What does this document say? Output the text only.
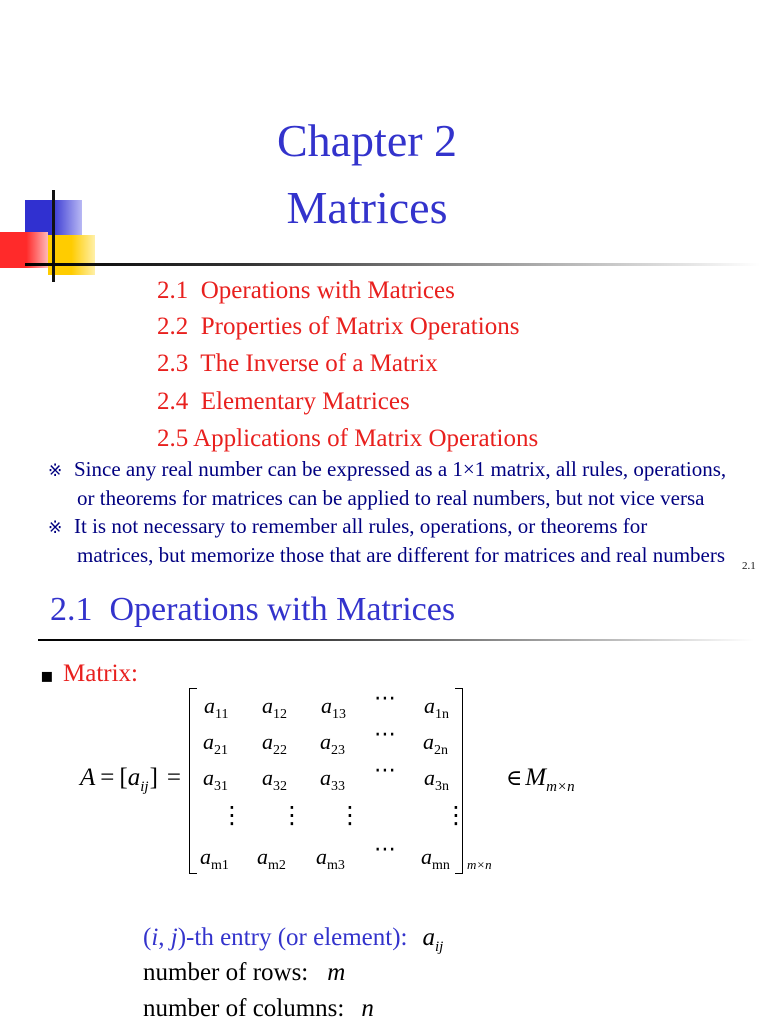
Chapter 2
Matrices
2.1  Operations with Matrices
2.2  Properties of Matrix Operations
2.3  The Inverse of a Matrix
2.4  Elementary Matrices
2.5 Applications of Matrix Operations
※ Since any real number can be expressed as a 1×1 matrix, all rules, operations,
or theorems for matrices can be applied to real numbers, but not vice versa
※ It is not necessary to remember all rules, operations, or theorems for
matrices, but memorize those that are different for matrices and real numbers 2.1
2.1  Operations with Matrices
▪ Matrix:
A = [ a ij ] =
a 11 a 12 a 13
⋯ a 1n
a 21 a 22 a 23
⋯ a 2n
a 31 a 32 a 33
⋯ a 3n
⋮ ⋮ ⋮	⋮
a m1 a m2 a m3
⋯ a mn m×n
∈ M m×n
( i , j )-th entry (or element): a ij
number of rows: m
number of columns: n
